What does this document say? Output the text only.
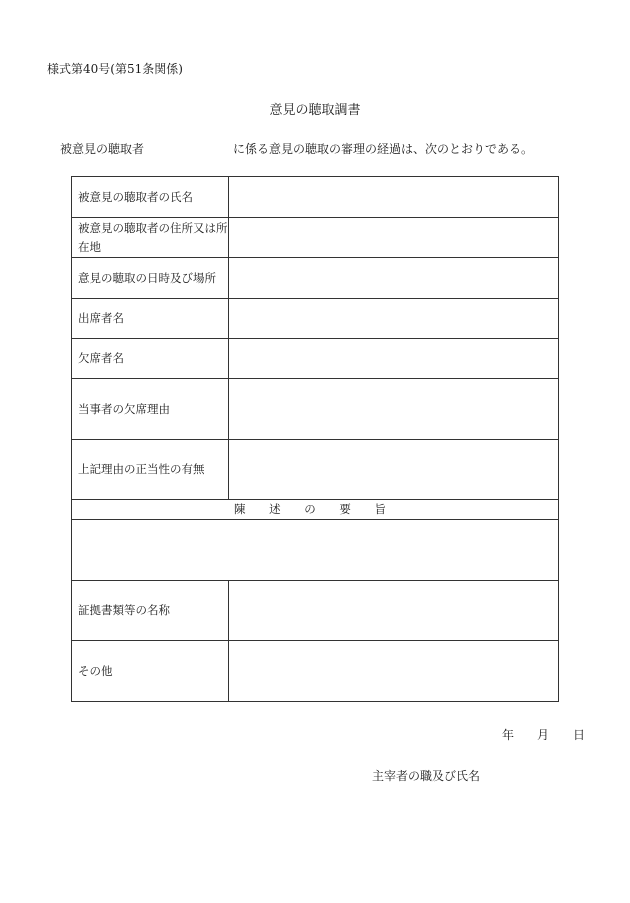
様式第40号(第51条関係)
意見の聴取調書
被意見の聴取者	に係る意見の聴取の審理の経過は、次のとおりである。
被意見の聴取者の氏名	
被意見の聴取者の住所又は所在地	
意見の聴取の日時及び場所	
出席者名	
欠席者名	
当事者の欠席理由	
上記理由の正当性の有無	
陳 述 の 要 旨	

証拠書類等の名称	
その他	
年 月 日
主宰者の職及び氏名
